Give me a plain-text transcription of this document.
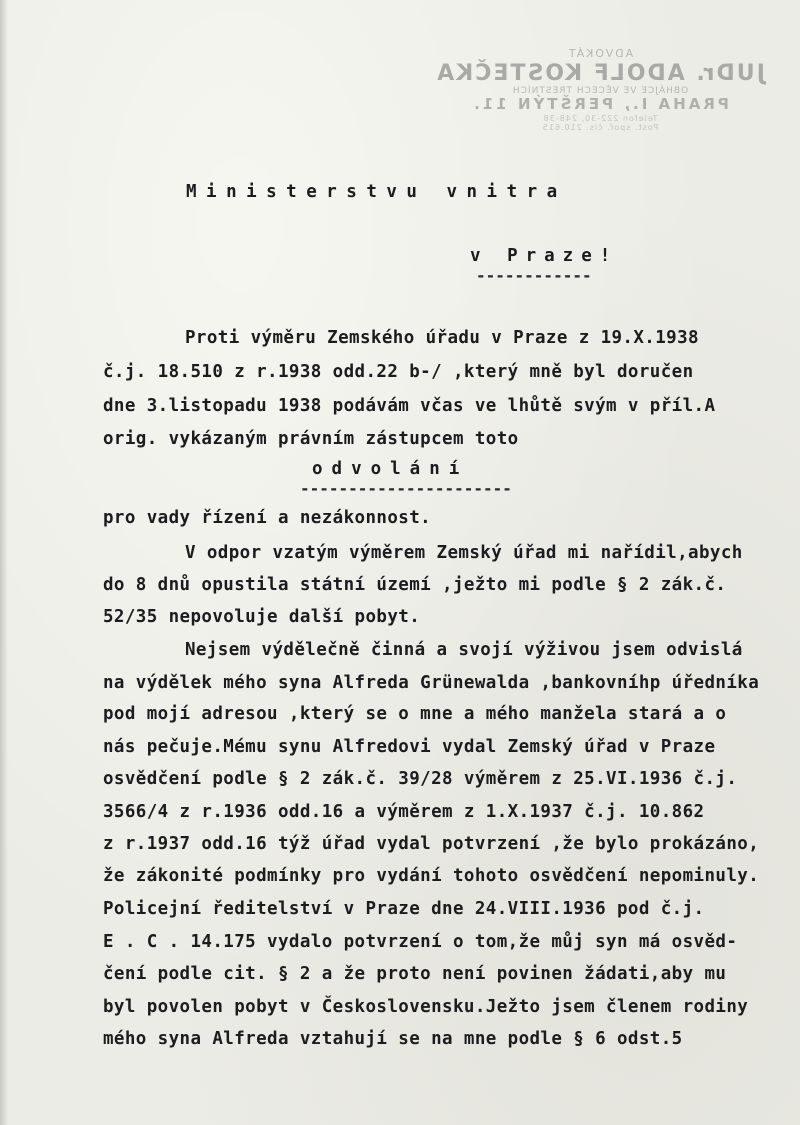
ADVOKÁT
JUDr. ADOLF KOSTEČKA
OBHÁJCE VE VĚCECH TRESTNÍCH
PRAHA I., PERŠTÝN 11.
Telefon 222-30, 248-38
Post. spoř. čís. 210.615
Ministerstvu vnitra
v Praze!
------------
Proti výměru Zemského úřadu v Praze z 19.X.1938
č.j. 18.510 z r.1938 odd.22 b-/ ,který mně byl doručen
dne 3.listopadu 1938 podávám včas ve lhůtě svým v příl.A
orig. vykázaným právním zástupcem toto
odvolání
----------------------
pro vady řízení a nezákonnost.
V odpor vzatým výměrem Zemský úřad mi nařídil,abych
do 8 dnů opustila státní území ,ježto mi podle § 2 zák.č.
52/35 nepovoluje další pobyt.
Nejsem výdělečně činná a svojí výživou jsem odvislá
na výdělek mého syna Alfreda Grünewalda ,bankovníhp úředníka
pod mojí adresou ,který se o mne a mého manžela stará a o
nás pečuje.Mému synu Alfredovi vydal Zemský úřad v Praze
osvědčení podle § 2 zák.č. 39/28 výměrem z 25.VI.1936 č.j.
3566/4 z r.1936 odd.16 a výměrem z 1.X.1937 č.j. 10.862
z r.1937 odd.16 týž úřad vydal potvrzení ,že bylo prokázáno,
že zákonité podmínky pro vydání tohoto osvědčení nepominuly.
Policejní ředitelství v Praze dne 24.VIII.1936 pod č.j.
E . C . 14.175 vydalo potvrzení o tom,že můj syn má osvěd-
čení podle cit. § 2 a že proto není povinen žádati,aby mu
byl povolen pobyt v Československu.Ježto jsem členem rodiny
mého syna Alfreda vztahují se na mne podle § 6 odst.5
